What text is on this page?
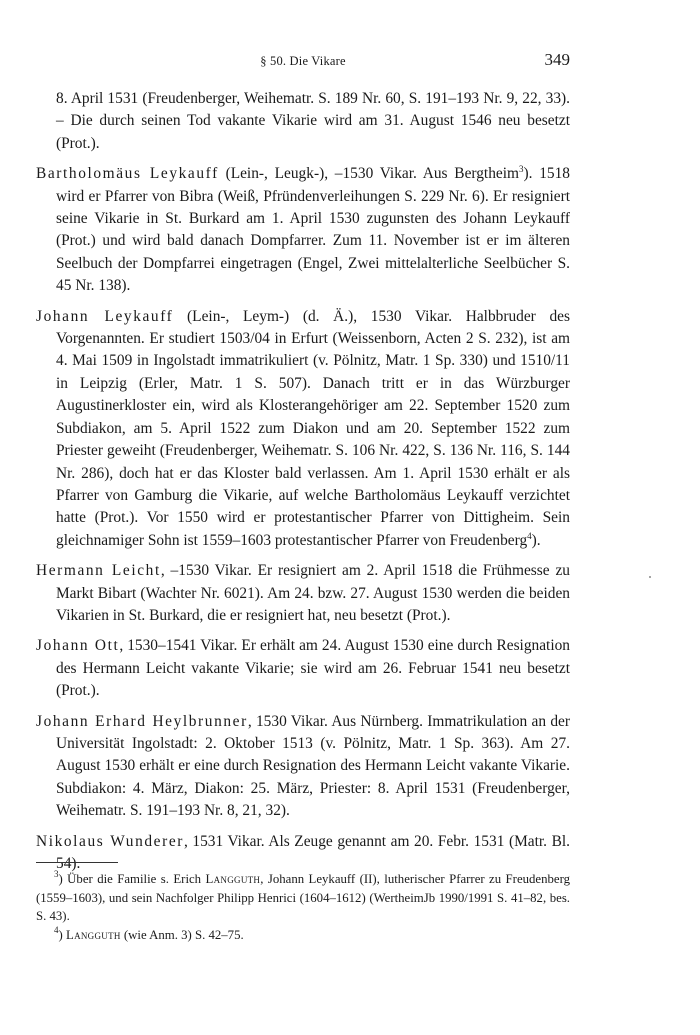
§ 50. Die Vikare	349

8. April 1531 (Freudenberger, Weihematr. S. 189 Nr. 60, S. 191–193 Nr. 9, 22, 33). – Die durch seinen Tod vakante Vikarie wird am 31. August 1546 neu besetzt (Prot.).

Bartholomäus Leykauff (Lein-, Leugk-), –1530 Vikar. Aus Bergtheim$^3$). 1518 wird er Pfarrer von Bibra (Weiß, Pfründenverleihungen S. 229 Nr. 6). Er resigniert seine Vikarie in St. Burkard am 1. April 1530 zugunsten des Johann Leykauff (Prot.) und wird bald danach Dompfarrer. Zum 11. November ist er im älteren Seelbuch der Dompfarrei eingetragen (Engel, Zwei mittelalterliche Seelbücher S. 45 Nr. 138).

Johann Leykauff (Lein-, Leym-) (d. Ä.), 1530 Vikar. Halbbruder des Vorgenannten. Er studiert 1503/04 in Erfurt (Weissenborn, Acten 2 S. 232), ist am 4. Mai 1509 in Ingolstadt immatrikuliert (v. Pölnitz, Matr. 1 Sp. 330) und 1510/11 in Leipzig (Erler, Matr. 1 S. 507). Danach tritt er in das Würzburger Augustinerkloster ein, wird als Klosterangehöriger am 22. September 1520 zum Subdiakon, am 5. April 1522 zum Diakon und am 20. September 1522 zum Priester geweiht (Freudenberger, Weihematr. S. 106 Nr. 422, S. 136 Nr. 116, S. 144 Nr. 286), doch hat er das Kloster bald verlassen. Am 1. April 1530 erhält er als Pfarrer von Gamburg die Vikarie, auf welche Bartholomäus Leykauff verzichtet hatte (Prot.). Vor 1550 wird er protestantischer Pfarrer von Dittigheim. Sein gleichnamiger Sohn ist 1559–1603 protestantischer Pfarrer von Freudenberg$^4$).

Hermann Leicht, –1530 Vikar. Er resigniert am 2. April 1518 die Frühmesse zu Markt Bibart (Wachter Nr. 6021). Am 24. bzw. 27. August 1530 werden die beiden Vikarien in St. Burkard, die er resigniert hat, neu besetzt (Prot.).

Johann Ott, 1530–1541 Vikar. Er erhält am 24. August 1530 eine durch Resignation des Hermann Leicht vakante Vikarie; sie wird am 26. Februar 1541 neu besetzt (Prot.).

Johann Erhard Heylbrunner, 1530 Vikar. Aus Nürnberg. Immatrikulation an der Universität Ingolstadt: 2. Oktober 1513 (v. Pölnitz, Matr. 1 Sp. 363). Am 27. August 1530 erhält er eine durch Resignation des Hermann Leicht vakante Vikarie. Subdiakon: 4. März, Diakon: 25. März, Priester: 8. April 1531 (Freudenberger, Weihematr. S. 191–193 Nr. 8, 21, 32).

Nikolaus Wunderer, 1531 Vikar. Als Zeuge genannt am 20. Febr. 1531 (Matr. Bl. 54).

$^3$) Über die Familie s. Erich Langguth, Johann Leykauff (II), lutherischer Pfarrer zu Freudenberg (1559–1603), und sein Nachfolger Philipp Henrici (1604–1612) (WertheimJb 1990/1991 S. 41–82, bes. S. 43).

$^4$) Langguth (wie Anm. 3) S. 42–75.
